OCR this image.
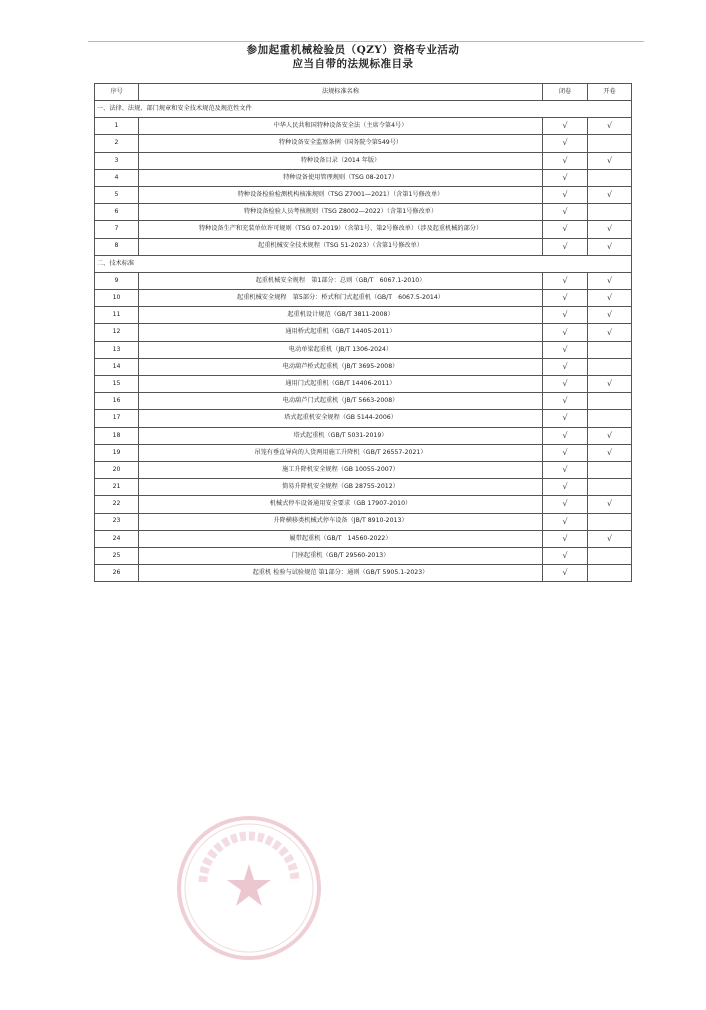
参加起重机械检验员（QZY）资格专业活动
应当自带的法规标准目录
序号	法规标准名称	闭卷	开卷
一、法律、法规、部门规章和安全技术规范及规范性文件			
1	中华人民共和国特种设备安全法（主席令第4号）	√	√
2	特种设备安全监察条例（国务院令第549号）	√	
3	特种设备目录（2014 年版）	√	√
4	特种设备使用管理规则（TSG 08-2017）	√	
5	特种设备检验检测机构核准规则（TSG Z7001—2021）（含第1号修改单）	√	√
6	特种设备检验人员考核规则（TSG Z8002—2022）（含第1号修改单）	√	
7	特种设备生产和充装单位许可规则（TSG 07-2019）（含第1号、第2号修改单）（涉及起重机械的部分）	√	√
8	起重机械安全技术规程（TSG 51-2023）（含第1号修改单）	√	√
二、技术标准			
9	起重机械安全规程　第1部分：总则（GB/T　6067.1-2010）	√	√
10	起重机械安全规程　第5部分：桥式和门式起重机（GB/T　6067.5-2014）	√	√
11	起重机设计规范（GB/T 3811-2008）	√	√
12	通用桥式起重机（GB/T 14405-2011）	√	√
13	电动单梁起重机（JB/T 1306-2024）	√	
14	电动葫芦桥式起重机（JB/T 3695-2008）	√	
15	通用门式起重机（GB/T 14406-2011）	√	√
16	电动葫芦门式起重机（JB/T 5663-2008）	√	
17	塔式起重机安全规程（GB 5144-2006）	√	
18	塔式起重机（GB/T 5031-2019）	√	√
19	吊笼有垂直导向的人货两用施工升降机（GB/T 26557-2021）	√	√
20	施工升降机安全规程（GB 10055-2007）	√	
21	简易升降机安全规程（GB 28755-2012）	√	
22	机械式停车设备通用安全要求（GB 17907-2010）	√	√
23	升降横移类机械式停车设备（JB/T 8910-2013）	√	
24	履带起重机（GB/T　14560-2022）	√	√
25	门座起重机（GB/T 29560-2013）	√	
26	起重机 检验与试验规范 第1部分：通则（GB/T 5905.1-2023）	√	
